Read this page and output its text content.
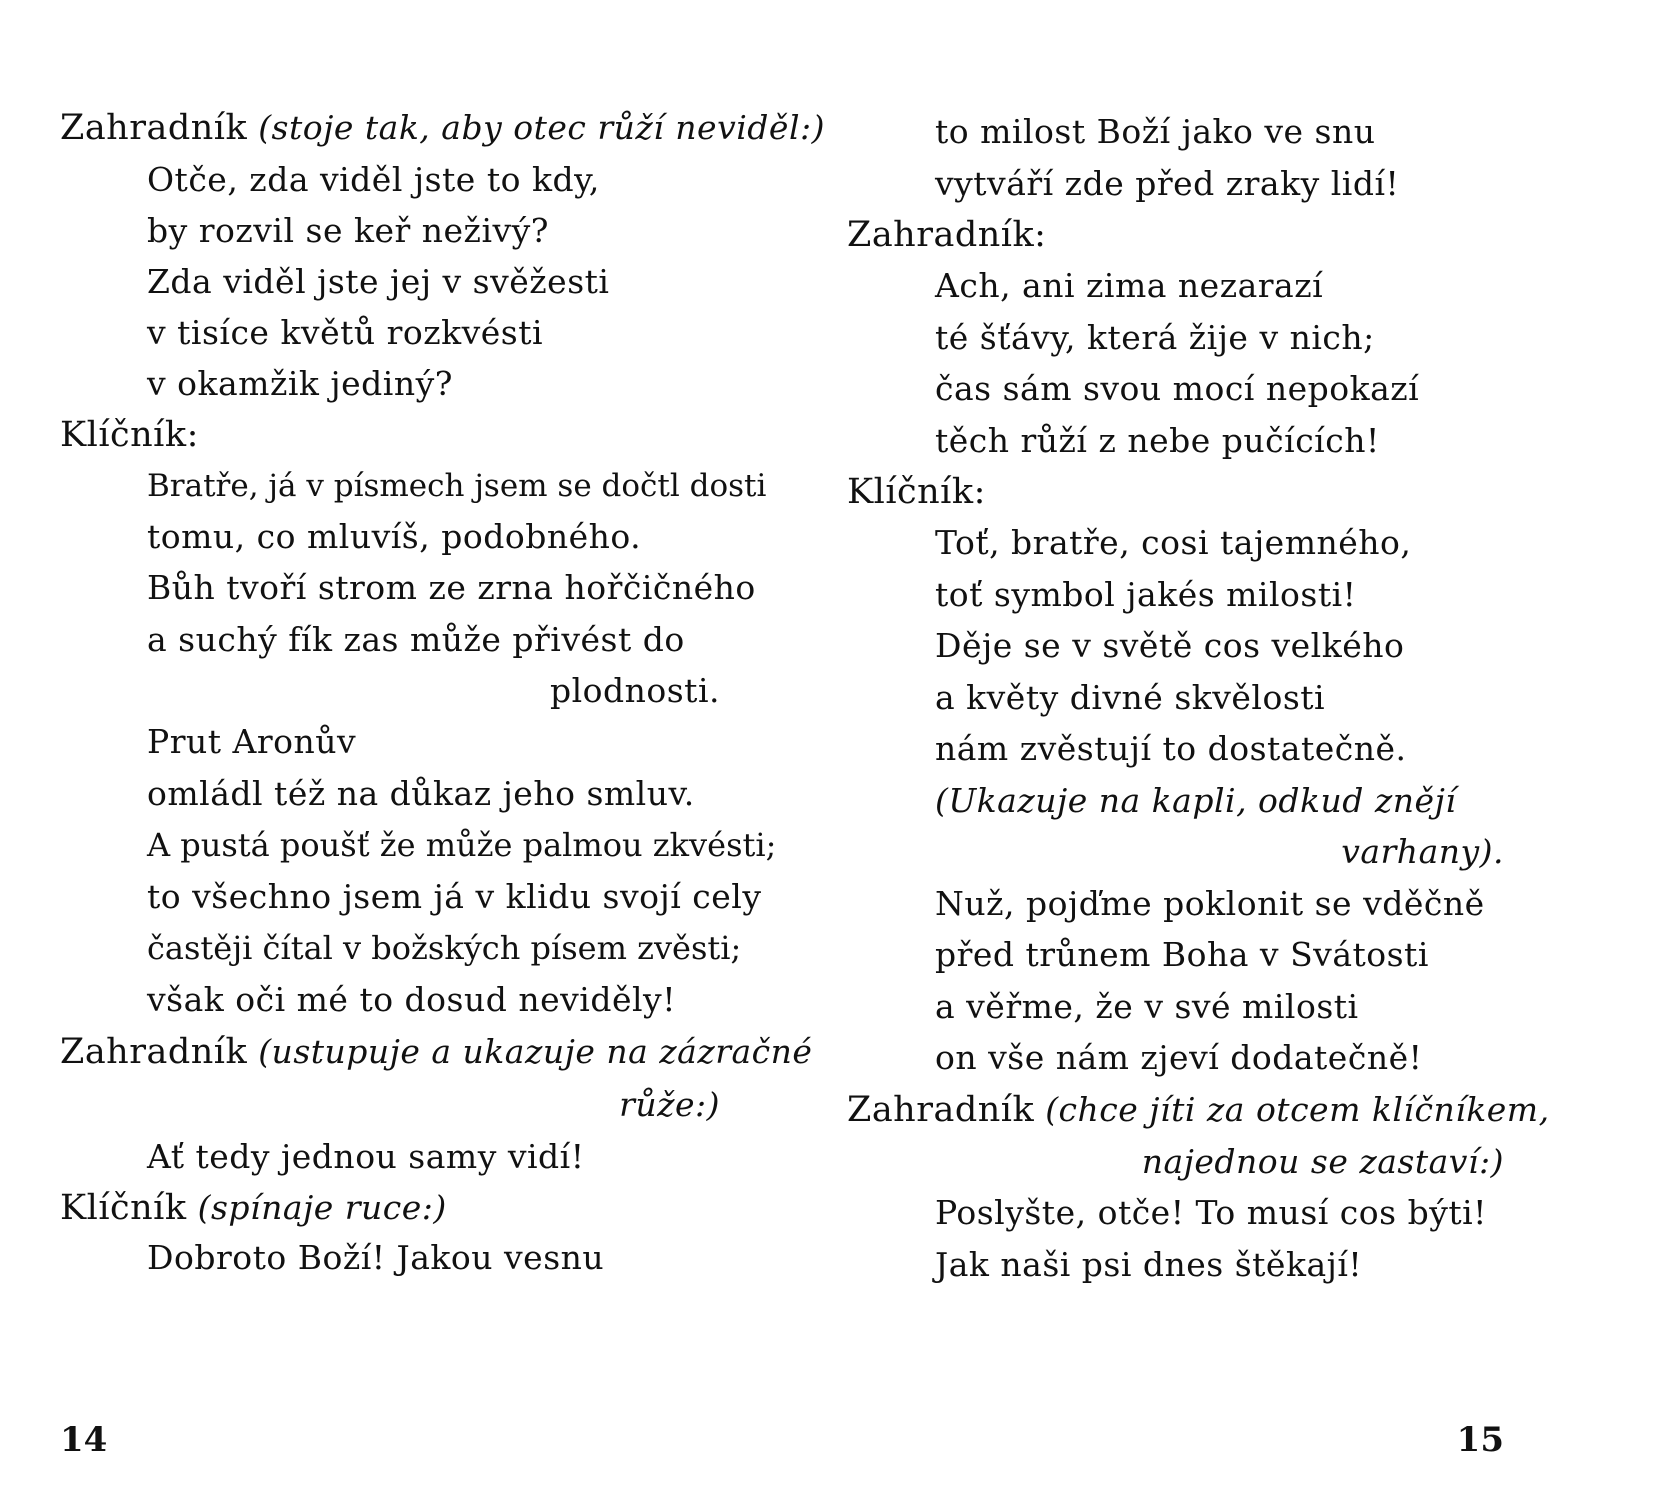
Zahradník (stoje tak, aby otec růží neviděl:)
Otče, zda viděl jste to kdy,
by rozvil se keř neživý?
Zda viděl jste jej v svěžesti
v tisíce květů rozkvésti
v okamžik jediný?
Klíčník:
Bratře, já v písmech jsem se dočtl dosti
tomu, co mluvíš, podobného.
Bůh tvoří strom ze zrna hořčičného
a suchý fík zas může přivést do
plodnosti.
Prut Aronův
omládl též na důkaz jeho smluv.
A pustá poušť že může palmou zkvésti;
to všechno jsem já v klidu svojí cely
častěji čítal v božských písem zvěsti;
však oči mé to dosud neviděly!
Zahradník (ustupuje a ukazuje na zázračné
růže:)
Ať tedy jednou samy vidí!
Klíčník (spínaje ruce:)
Dobroto Boží! Jakou vesnu
14
to milost Boží jako ve snu
vytváří zde před zraky lidí!
Zahradník:
Ach, ani zima nezarazí
té šťávy, která žije v nich;
čas sám svou mocí nepokazí
těch růží z nebe pučících!
Klíčník:
Toť, bratře, cosi tajemného,
toť symbol jakés milosti!
Děje se v světě cos velkého
a květy divné skvělosti
nám zvěstují to dostatečně.
(Ukazuje na kapli, odkud znějí
varhany).
Nuž, pojďme poklonit se vděčně
před trůnem Boha v Svátosti
a věřme, že v své milosti
on vše nám zjeví dodatečně!
Zahradník (chce jíti za otcem klíčníkem,
najednou se zastaví:)
Poslyšte, otče! To musí cos býti!
Jak naši psi dnes štěkají!
15
